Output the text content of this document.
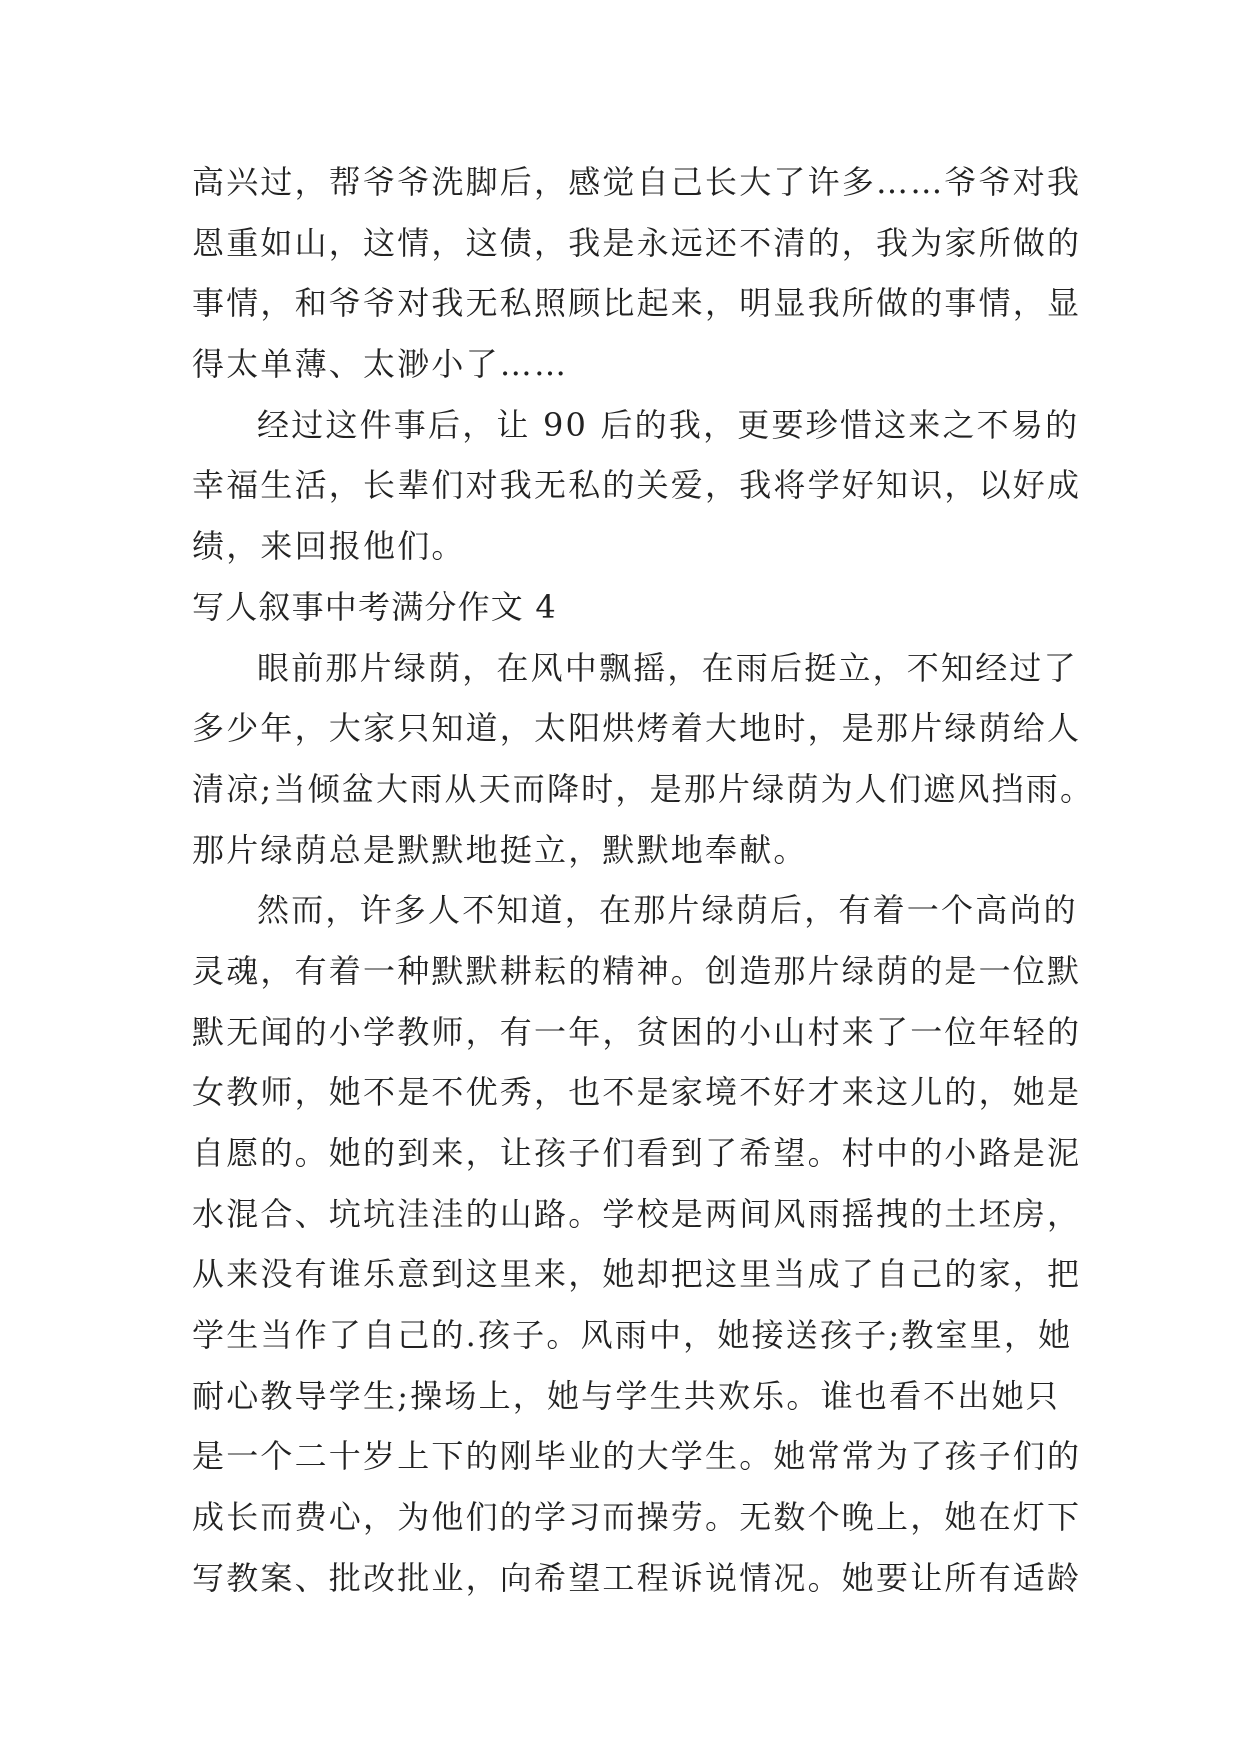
高兴过，帮爷爷洗脚后，感觉自己长大了许多……爷爷对我
恩重如山，这情，这债，我是永远还不清的，我为家所做的
事情，和爷爷对我无私照顾比起来，明显我所做的事情，显
得太单薄、太渺小了……
经过这件事后，让 90 后的我，更要珍惜这来之不易的
幸福生活，长辈们对我无私的关爱，我将学好知识，以好成
绩，来回报他们。
写人叙事中考满分作文 4
眼前那片绿荫，在风中飘摇，在雨后挺立，不知经过了
多少年，大家只知道，太阳烘烤着大地时，是那片绿荫给人
清凉;当倾盆大雨从天而降时，是那片绿荫为人们遮风挡雨。
那片绿荫总是默默地挺立，默默地奉献。
然而，许多人不知道，在那片绿荫后，有着一个高尚的
灵魂，有着一种默默耕耘的精神。创造那片绿荫的是一位默
默无闻的小学教师，有一年，贫困的小山村来了一位年轻的
女教师，她不是不优秀，也不是家境不好才来这儿的，她是
自愿的。她的到来，让孩子们看到了希望。村中的小路是泥
水混合、坑坑洼洼的山路。学校是两间风雨摇拽的土坯房，
从来没有谁乐意到这里来，她却把这里当成了自己的家，把
学生当作了自己的.孩子。风雨中，她接送孩子;教室里，她
耐心教导学生;操场上，她与学生共欢乐。谁也看不出她只
是一个二十岁上下的刚毕业的大学生。她常常为了孩子们的
成长而费心，为他们的学习而操劳。无数个晚上，她在灯下
写教案、批改批业，向希望工程诉说情况。她要让所有适龄
